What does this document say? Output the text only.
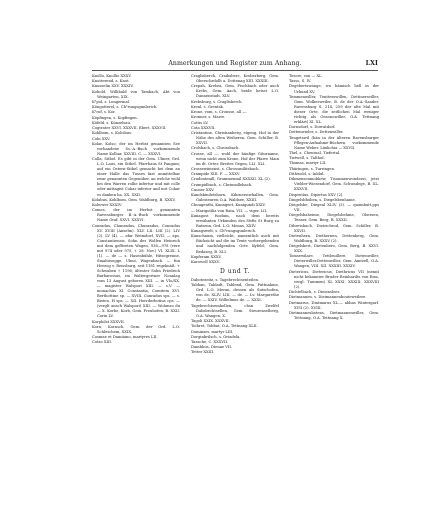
Anmerkungen und Register zum Anhang.	LXI
Knollo, Knollio XXXV.
Knotterend, s. Knot.
Knusselin XXV. XXXIV.
Kobold, Willibald von Tambach, Abt von Weingarten, XIX.
Kʰpol, s. Longermal.
Kōngotterel, s. Chʰrungsgunlerich.
Kʰrof, s. Kor.
Kōpfingen, s. Kopfingen.
Kōfeld, s. Künzelsau.
Cogtrater XXVI. XXXVII. Ebert. XXXVII.
Kohlbom, s. Kolcibus.
Coln XXV.
Kolar, Kolso; der im Herbst genannten See vorhandene Ss.-A.-Buch vorkommende Name Kolbar, XXVIII. C. — XXXVI.
Colla, Sitbel. Es gibt in der Gem. Ulmer, Grd. L.O. Laus, ein Sitbel. Pfarrhaus St Fangum; auf ein Ostern-Sitbel gemacht bei dem an einer Halle das Tusses fast unmittelbar zwar genannten Gegenüber, an welche wohl bei den Warren rollie infertur und mit colle oder mittagist Cohar inferior und mit Cohar es danken ba. XX. XXII.
Kolabus, Kohlbom, Gem. Waldburg, B. XXXV.
Kolwwer XXXIV.
Comes, der im Herbst genannten Ravensburger B.-A.-Buch vorkommende Name Graf, XXVI. XXXVI.
Conradus, Chunradus, Chunradus, Conradus XV. XVIII (Anselm). XLV. LII. LIII (2). LIV (2). LV (4). — afar Weimdorf, XVII. — aps. Constantiensis, Sohn des Wolfen Heinrich mit dem gefltreten Wagen, 936—978 (vere mit 974 oder 975, † 28. Nov.) VI. XLIX. L (1). — de — s. Hasenbühle, Hitsegrenne, Smaltusegge, Ulmo, Wagenbach. — fun Herzog v. Reissburg, seit 1181 regelmäß. + Schwaben † 1196; ältester Sohn Friedrich Barbarossas, im Waltergertner Nonnlag vom 13 August geboren XIII. — in VIo/XX. — magister Walspori XIII. — s.V. — monachus XI. Constantia, Comitem XVI. Berthottine sp. — XVIII. Conradus sps. — s. Bisten. H sps. — XII. Herrderbotius cps. — (verglt ausch Walspori) XIII. — Wolunzo du — X. Korbe, Korb, Gem. Freuhofen, B. XXII. Corin LV.
Korphilst XXXVII.
Korn, Kornsch, Gem. der Grd. L.O. Schleschem, XXIX.
Cosmae et Damiiano, martyres LII.
Cotzo XIII.
Craglisberch, Craibsberc, Kroberberg, Gem. Oberschrdollt a. Dottenag XIII. XXXIII.
Crepah, Krebra, Gem. Fischbach oder auch Krebs, Gem. Aach, beide heisst L.O. Dannenstadt, XLV.
Krebsburg, s. Craglisberch.
Krenl, s. Grentsk.
Krone, vom, s. Cronsse, all —.
Kronner, s. Marre.
Cottis LV.
Cota XXXVII.
Cristantine, Christianberg, eigeng. Hof in der Nähe des alten Weiheren, Gem. Schiller, B. XXVII.
Crolsbach, s. Chrossbach.
Crosse, all —, wohl der häufige Giturname, wenn nicht zum Krone, Hof der Pfarre Main im dt. Orter, Breites Gegen, LLI. XLI.
Crossewimenst, s. Chrossmilitsbach.
Crampide XIII. F. — XXXV.
Crudentenill, Grummenmil XXXXII. XL (2).
Crumpidbach, s. Chrimsdlebach.
Cuoner XXV.
Kundskindetshorn, Kihrnersiwhallen, Gem. Galeiseuren O.A. Waldsee, XXIII.
Chuugenthi, Kunageet, Kunigundi XXIV.
— Marigotiliz von Rata, VII. — viger. LII.
Kunagost fsodum, nach dem bereits erwähnten Urkunden des Stifts St Burg zu Ratsrnn, Grd. L.O. Menas, XXIV.
Kunagswelt, s. Chʰrungsgunlerich.
Kunschaum, vielleicht, namentlich auch mit Rücksicht auf die im Texte vorhergehenden und nachfolgenden Orte Kyfeld, Gem. Bedaseg, B. XLI.
Kupferam XXXV.
Kurowell XXXV.
D und T.
Dabotezeitz, s. Tagebrechtsenteilen.
Tabhan, Tabladt, Tablend, Gem. Fattnahme, Grd. L.O. Meran, dessen als Sutschofen, von de. XLIV. LIII. — de. — Lv. Margarethe de. — XXIV. Wilhelmus de. — XXXI.
Tagebrechtsemhellen, chsn Zwelfel Dabsbechtsellen, Gem. Steurenselberg, O.A. Wangen, X.
Tagoli XXIX. XXXVII.
Toibret, Tobbat, O.A. Tettnang XLII.
Dominars, martyr LIII.
Dorginbrilsch, s. Oriadela.
Tazache, C. XXXVII.
Dambhus, Dienae VII.
Tetter XXIII.
Tesore, von — XL.
Tasso, S. IV.
Degebertswange, wo hämisch hell in der Urkund XV.
Temmenwiller, Tenttesswillen, Dettinerseiller, Gem. Wolkesweiler, B. de der O.A.-Sander. Ravensburg S. 214, 259 der alte Mal mit dieser Orte, die zeitlichen Mal weniger richtig als Onsonowiller, O.A. Tettnang erklärt) XI. XL.
Dornsdorf, s. Dorratdorf.
Dettenwieler, s. Dettenwiller.
Tengetswil (hän in der älteren Ravensburger Pflegen-Aufnahme-Büchern vorkommende Name Weber. Lüxlichia — XXVII.
Thel, s. Chentual, Tiefertal.
Tietwell, s. Talthof.
Thomas, martyr LII.
Thüringen, s. Turringen.
Dithwold, s. Inldul.
Dikmensenmobhew, Tisonmenwonderst, jetzt Vielder-Wiesendorf, Gem. Schwadege, B. XL. XXXVII.
Dispretius, Dipertus XXV (2).
Dingelsbhoben, s. Diegelsbenhame.
Diegelsbe, Diegeal XLIV (3). — quombatt.pps VII.
Diegelsbaheime, Diegelsbehme, Obersen, Tenser, Gem. Berg, B. XXXII.
Dibretsbach, Dietrichrod, Gem. Schiller, B. XXVII.
Dietenhern, Diethernen, Dettenberg, Gem. Waldburg, B. XXXV (2).
Diegelsbert, Dietenbero, Gem. Berg, B. XXVI. XXX.
Tomsewilare, Tettleuillere, Dietenwiller, Dieterwiller,Dettenwiller, Gem. Amtzell, O.A. Wangen, VIII. XII. XXXIII. XXXIV.
Dietericus, Dietericus, Diethricus VII (nennt nicht bekannter Bruder Reinhardts von Ems, vergl. Tummen) XL XXXI. XXXIII. XXXVIII (2).
Dichtelbach, s. Dieiensleer.
Dietmannen, s. Dieimannenbouteweilere.
Dietmarus, Dintmarus XL.— abbas Wintergarf. XVII (2). XVIII.
Dietmannesbatens, Dietmannenwiller, Gem. Tettnang, O.A. Tettnang X.
